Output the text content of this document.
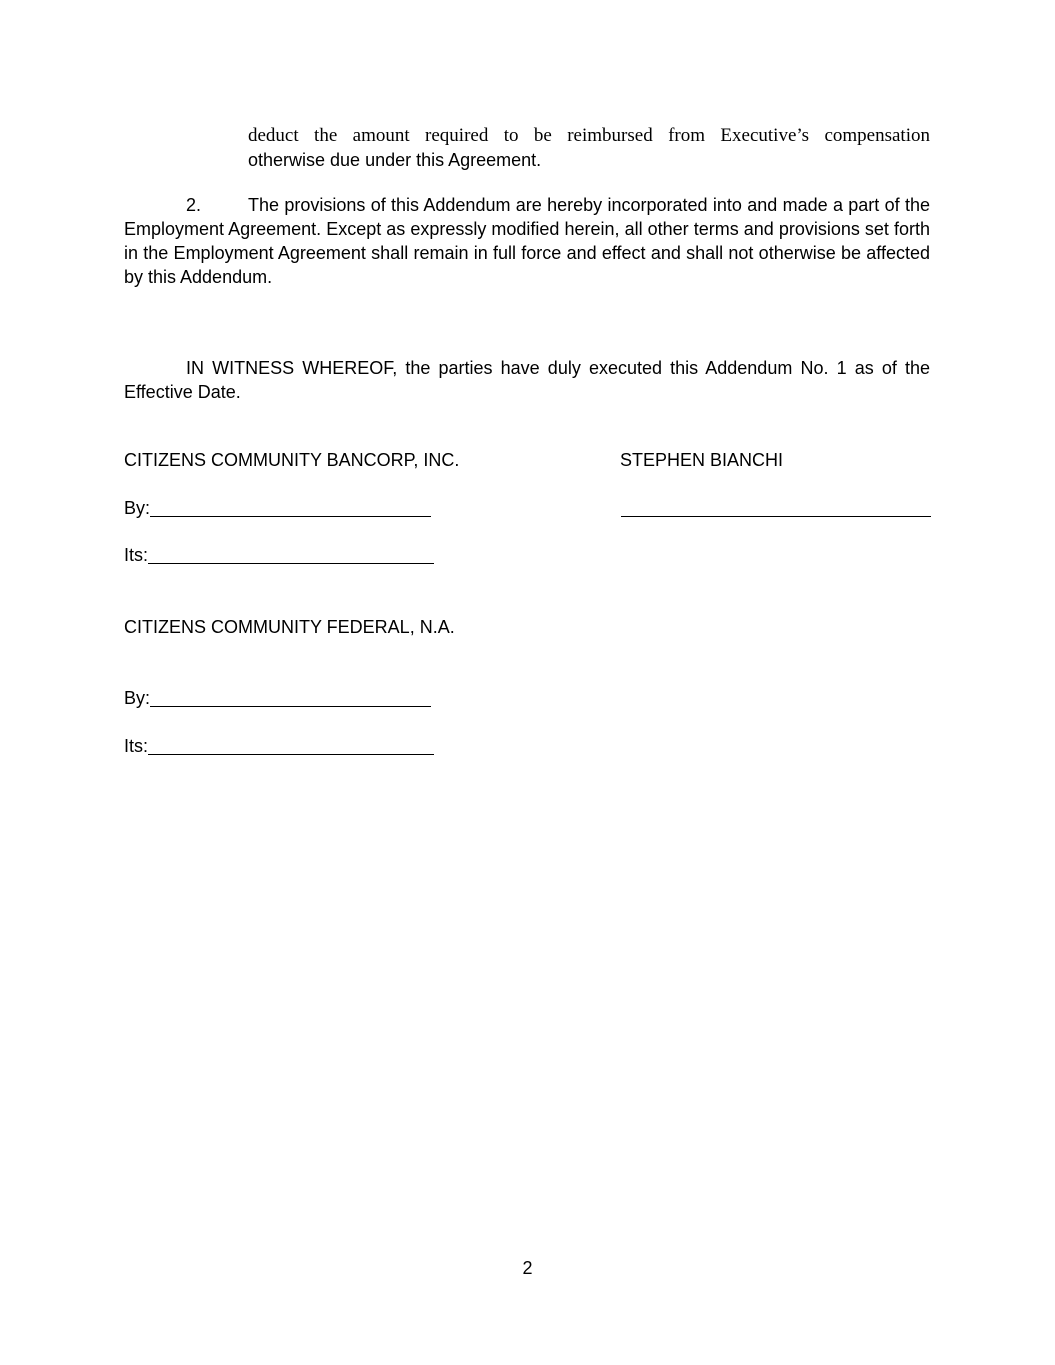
deduct the amount required to be reimbursed from Executive’s compensation

otherwise due under this Agreement.

2.	The provisions of this Addendum are hereby incorporated into and made a part of the Employment Agreement. Except as expressly modified herein, all other terms and provisions set forth in the Employment Agreement shall remain in full force and effect and shall not otherwise be affected by this Addendum.

IN WITNESS WHEREOF, the parties have duly executed this Addendum No. 1 as of the Effective Date.

CITIZENS COMMUNITY BANCORP, INC.	STEPHEN BIANCHI
By:
Its:
CITIZENS COMMUNITY FEDERAL, N.A.
By:
Its:
2
